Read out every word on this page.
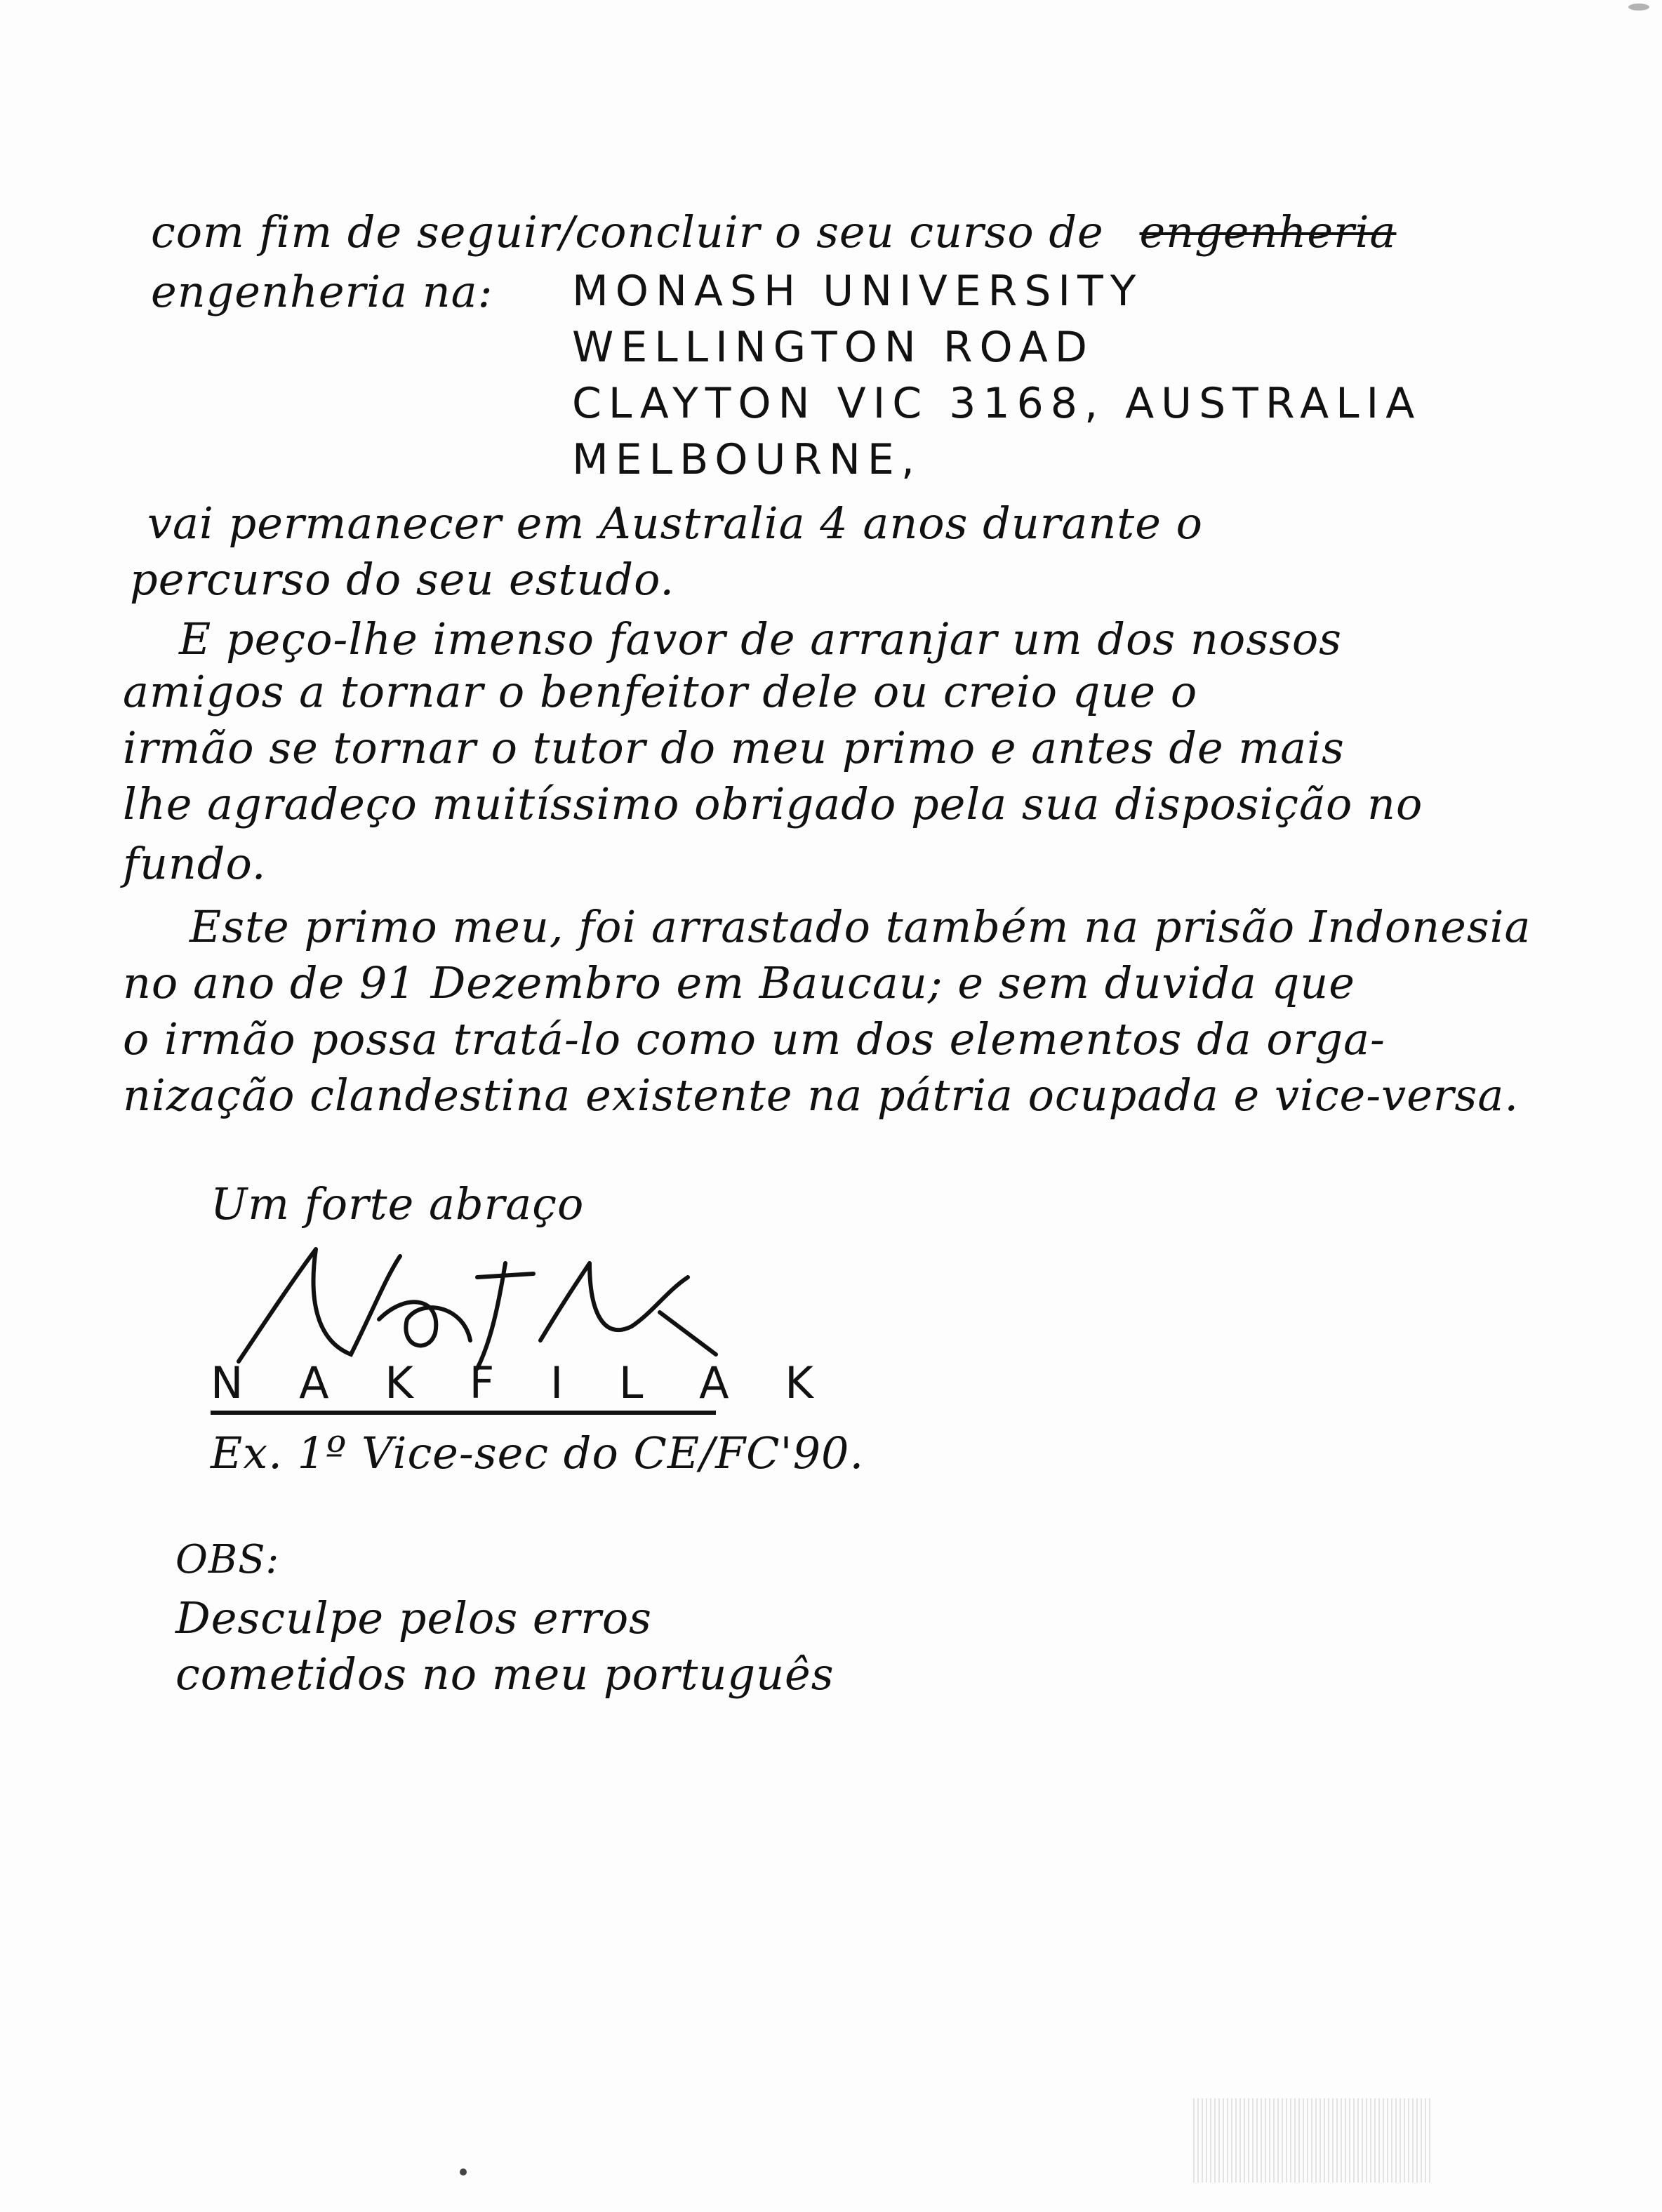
com fim de seguir/concluir o seu curso de engenheria
engenheria na: MONASH UNIVERSITY
WELLINGTON ROAD
CLAYTON VIC 3168, AUSTRALIA
MELBOURNE,
vai permanecer em Australia 4 anos durante o
percurso do seu estudo.
E peço-lhe imenso favor de arranjar um dos nossos
amigos a tornar o benfeitor dele ou creio que o
irmão se tornar o tutor do meu primo e antes de mais
lhe agradeço muitíssimo obrigado pela sua disposição no
fundo.
Este primo meu, foi arrastado também na prisão Indonesia
no ano de 91 Dezembro em Baucau; e sem duvida que
o irmão possa tratá-lo como um dos elementos da orga-
nização clandestina existente na pátria ocupada e vice-versa.
Um forte abraço
N A K F I L A K
Ex. 1º Vice-sec do CE/FC'90.
OBS:
Desculpe pelos erros
cometidos no meu português
